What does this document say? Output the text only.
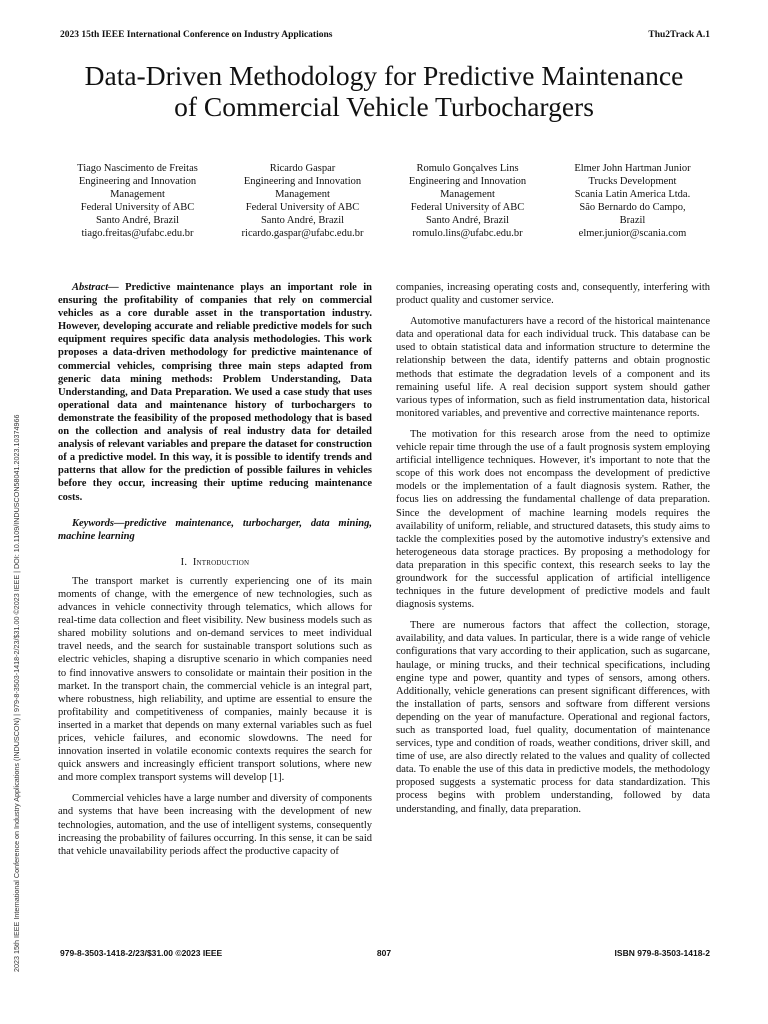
2023 15th IEEE International Conference on Industry Applications	Thu2Track A.1
Data-Driven Methodology for Predictive Maintenance
of Commercial Vehicle Turbochargers
Tiago Nascimento de Freitas
Engineering and Innovation
Management
Federal University of ABC
Santo André, Brazil
tiago.freitas@ufabc.edu.br
Ricardo Gaspar
Engineering and Innovation
Management
Federal University of ABC
Santo André, Brazil
ricardo.gaspar@ufabc.edu.br
Romulo Gonçalves Lins
Engineering and Innovation
Management
Federal University of ABC
Santo André, Brazil
romulo.lins@ufabc.edu.br
Elmer John Hartman Junior
Trucks Development
Scania Latin America Ltda.
São Bernardo do Campo,
Brazil
elmer.junior@scania.com
2023 15th IEEE International Conference on Industry Applications (INDUSCON) | 979-8-3503-1418-2/23/$31.00 ©2023 IEEE | DOI: 10.1109/INDUSCON58041.2023.10374966

Abstract— Predictive maintenance plays an important role in ensuring the profitability of companies that rely on commercial vehicles as a core durable asset in the transportation industry. However, developing accurate and reliable predictive models for such equipment requires specific data analysis methodologies. This work proposes a data-driven methodology for predictive maintenance of commercial vehicles, comprising three main steps adapted from generic data mining methods: Problem Understanding, Data Understanding, and Data Preparation. We used a case study that uses operational data and maintenance history of turbochargers to demonstrate the feasibility of the proposed methodology that is based on the collection and analysis of real industry data for detailed analysis of relevant variables and prepare the dataset for construction of a predictive model. In this way, it is possible to identify trends and patterns that allow for the prediction of possible failures in vehicles before they occur, increasing their uptime reducing maintenance costs.

Keywords—predictive maintenance, turbocharger, data mining, machine learning

I. Introduction

The transport market is currently experiencing one of its main moments of change, with the emergence of new technologies, such as advances in vehicle connectivity through telematics, which allows for real-time data collection and fleet visibility. New business models such as shared mobility solutions and on-demand services to meet individual travel needs, and the search for sustainable transport solutions such as electric vehicles, shaping a disruptive scenario in which companies need to find innovative answers to consolidate or maintain their position in the market. In the transport chain, the commercial vehicle is an integral part, where robustness, high reliability, and uptime are essential to ensure the profitability and competitiveness of companies, mainly because it is inserted in a market that depends on many external variables such as fuel prices, vehicle failures, and economic slowdowns. The need for innovation inserted in volatile economic contexts requires the search for quick answers and increasingly efficient transport solutions, where new and more complex transport systems will develop [1].

Commercial vehicles have a large number and diversity of components and systems that have been increasing with the development of new technologies, automation, and the use of intelligent systems, consequently increasing the probability of failures occurring. In this sense, it can be said that vehicle unavailability periods affect the productive capacity of

companies, increasing operating costs and, consequently, interfering with product quality and customer service.

Automotive manufacturers have a record of the historical maintenance data and operational data for each individual truck. This database can be used to obtain statistical data and information structure to determine the relationship between the data, identify patterns and obtain prognostic methods that estimate the degradation levels of a component and its remaining useful life. A real decision support system should gather various types of information, such as field instrumentation data, historical monitored variables, and preventive and corrective maintenance reports.

The motivation for this research arose from the need to optimize vehicle repair time through the use of a fault prognosis system employing artificial intelligence techniques. However, it's important to note that the scope of this work does not encompass the development of predictive models or the implementation of a fault diagnosis system. Rather, the focus lies on addressing the fundamental challenge of data preparation. Since the development of machine learning models requires the availability of uniform, reliable, and structured datasets, this study aims to tackle the complexities posed by the automotive industry's extensive and heterogeneous data storage practices. By proposing a methodology for data preparation in this specific context, this research seeks to lay the groundwork for the successful application of artificial intelligence techniques in the future development of predictive models and fault diagnosis systems.

There are numerous factors that affect the collection, storage, availability, and data values. In particular, there is a wide range of vehicle configurations that vary according to their application, such as sugarcane, haulage, or mining trucks, and their technical specifications, including engine type and power, quantity and types of sensors, among others. Additionally, vehicle generations can present significant differences, with the installation of parts, sensors and software from different versions depending on the year of manufacture. Operational and regional factors, such as transported load, fuel quality, documentation of maintenance services, type and condition of roads, weather conditions, driver skill, and time of use, are also directly related to the values and quality of collected data. To enable the use of this data in predictive models, the methodology proposed suggests a systematic process for data standardization. This process begins with problem understanding, followed by data understanding, and finally, data preparation.

979-8-3503-1418-2/23/$31.00 ©2023 IEEE	807	ISBN 979-8-3503-1418-2
